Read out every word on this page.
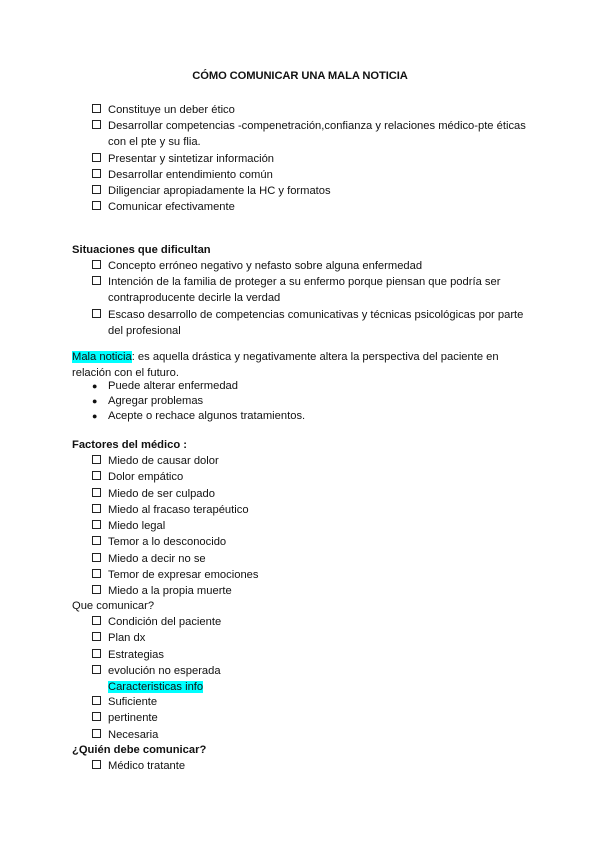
CÓMO COMUNICAR UNA MALA NOTICIA
Constituye un deber ético
Desarrollar competencias -compenetración,confianza y relaciones médico-pte éticas con el pte y su flia.
Presentar y sintetizar información
Desarrollar entendimiento común
Diligenciar apropiadamente la HC y formatos
Comunicar efectivamente
Situaciones que dificultan
Concepto erróneo negativo y nefasto sobre alguna enfermedad
Intención de la familia de proteger a su enfermo porque piensan que podría ser contraproducente decirle la verdad
Escaso desarrollo de competencias comunicativas y técnicas psicológicas por parte del profesional
Mala noticia: es aquella drástica y negativamente altera la perspectiva del paciente en relación con el futuro.
● Puede alterar enfermedad
● Agregar problemas
● Acepte o rechace algunos tratamientos.
Factores del médico :
Miedo de causar dolor
Dolor empático
Miedo de ser culpado
Miedo al fracaso terapéutico
Miedo legal
Temor a lo desconocido
Miedo a decir no se
Temor de expresar emociones
Miedo a la propia muerte
Que comunicar?
Condición del paciente
Plan dx
Estrategias
evolución no esperada
Caracteristicas info
Suficiente
pertinente
Necesaria
¿Quién debe comunicar?
Médico tratante
